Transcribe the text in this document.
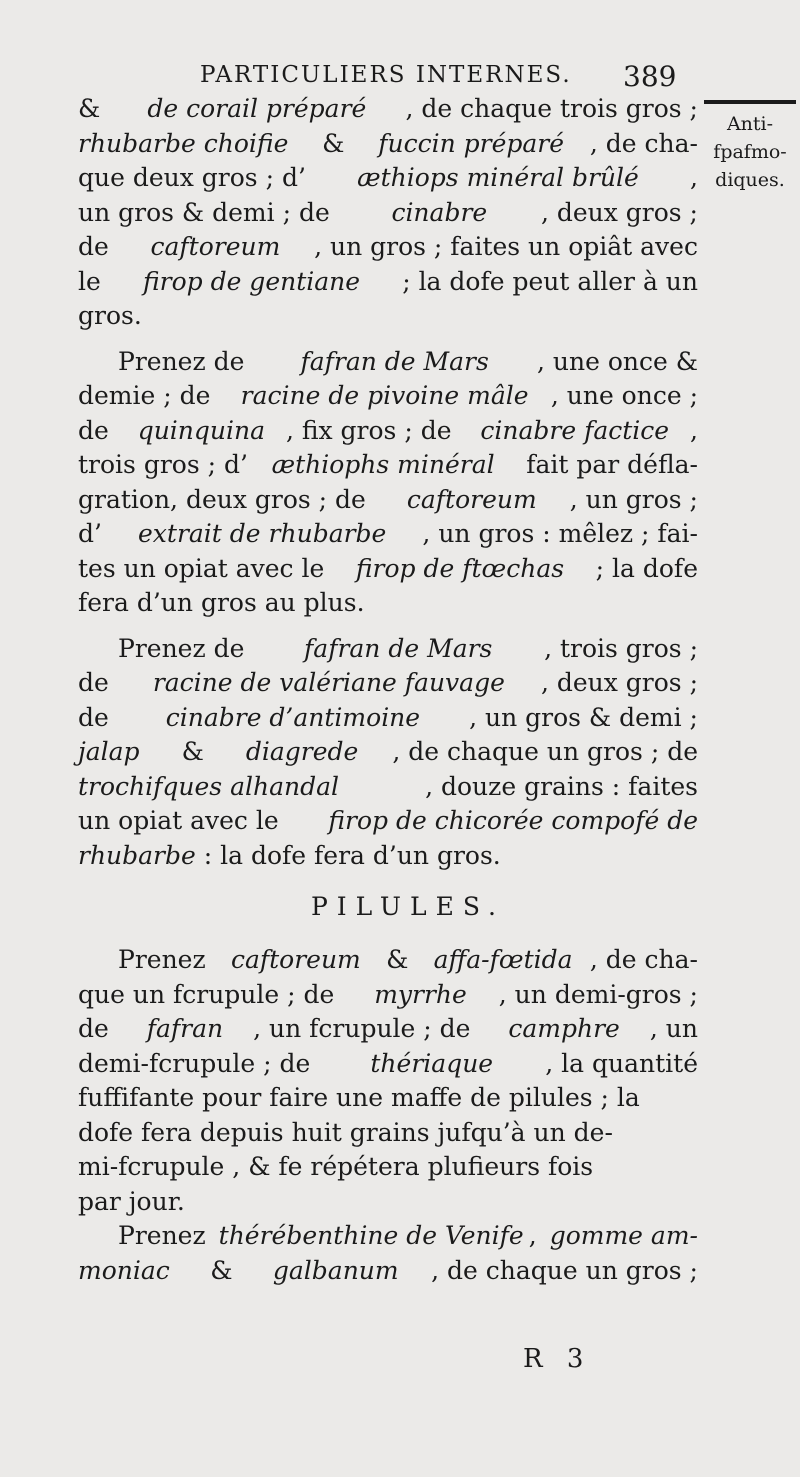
PARTICULIERS INTERNES. 389
Anti-
fpafmo-
diques.
& de corail préparé , de chaque trois gros ;
rhubarbe choifie & fuccin préparé , de cha-
que deux gros ; d’ æthiops minéral brûlé ,
un gros & demi ; de cinabre , deux gros ;
de caftoreum , un gros ; faites un opiât avec
le firop de gentiane ; la dofe peut aller à un
gros.
Prenez de fafran de Mars , une once &
demie ; de racine de pivoine mâle , une once ;
de quinquina , fix gros ; de cinabre factice ,
trois gros ; d’ æthiophs minéral fait par défla-
gration, deux gros ; de caftoreum , un gros ;
d’ extrait de rhubarbe , un gros : mêlez ; fai-
tes un opiat avec le firop de ftœchas ; la dofe
fera d’un gros au plus.
Prenez de fafran de Mars , trois gros ;
de racine de valériane fauvage , deux gros ;
de cinabre d’antimoine , un gros & demi ;
jalap & diagrede , de chaque un gros ; de
trochifques alhandal	, douze grains : faites
un opiat avec le firop de chicorée compofé de
rhubarbe : la dofe fera d’un gros.
PILULES.
Prenez caftoreum & affa-fœtida , de cha-
que un fcrupule ; de myrrhe , un demi-gros ;
de fafran , un fcrupule ; de camphre , un
demi-fcrupule ; de thériaque , la quantité
fuffifante pour faire une maffe de pilules ; la
dofe fera depuis huit grains jufqu’à un de-
mi-fcrupule , & fe répétera plufieurs fois
par jour.
Prenez thérébenthine de Venife , gomme am-
moniac & galbanum , de chaque un gros ;
R 3
